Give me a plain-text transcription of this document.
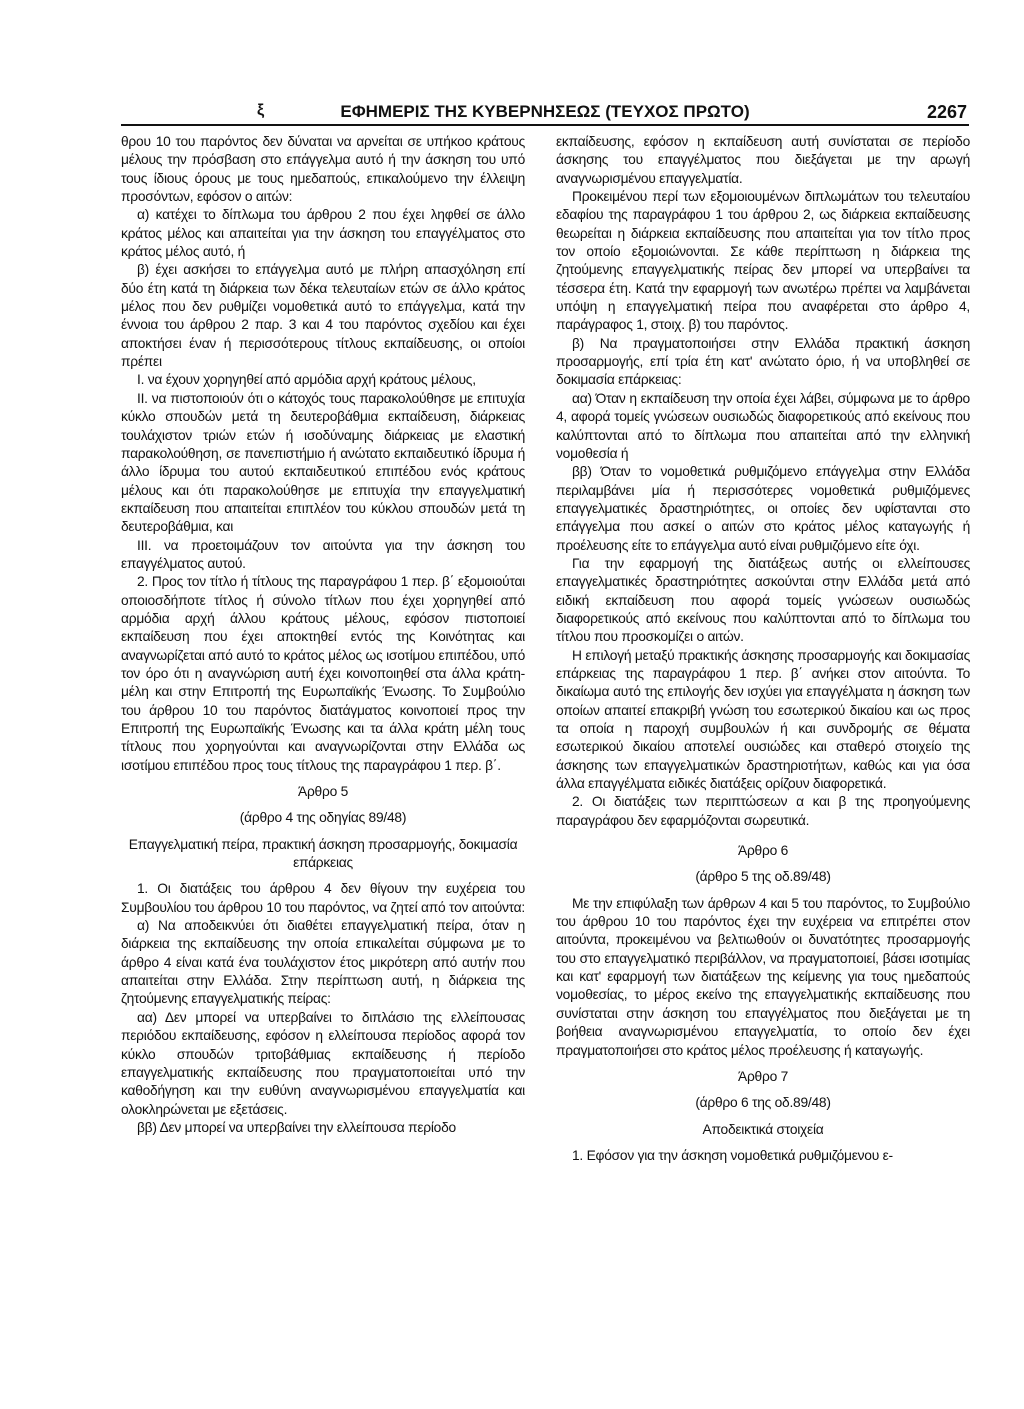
ξ	ΕΦΗΜΕΡΙΣ ΤΗΣ ΚΥΒΕΡΝΗΣΕΩΣ (ΤΕΥΧΟΣ ΠΡΩΤΟ)	2267

θρου 10 του παρόντος δεν δύναται να αρνείται σε υπήκοο κράτους μέλους την πρόσβαση στο επάγγελμα αυτό ή την άσκηση του υπό τους ίδιους όρους με τους ημεδαπούς, επικαλούμενο την έλλειψη προσόντων, εφόσον ο αιτών:

α) κατέχει το δίπλωμα του άρθρου 2 που έχει ληφθεί σε άλλο κράτος μέλος και απαιτείται για την άσκηση του επαγγέλματος στο κράτος μέλος αυτό, ή

β) έχει ασκήσει το επάγγελμα αυτό με πλήρη απασχόληση επί δύο έτη κατά τη διάρκεια των δέκα τελευταίων ετών σε άλλο κράτος μέλος που δεν ρυθμίζει νομοθετικά αυτό το επάγγελμα, κατά την έννοια του άρθρου 2 παρ. 3 και 4 του παρόντος σχεδίου και έχει αποκτήσει έναν ή περισσότερους τίτλους εκπαίδευσης, οι οποίοι πρέπει

Ι. να έχουν χορηγηθεί από αρμόδια αρχή κράτους μέλους,

ΙΙ. να πιστοποιούν ότι ο κάτοχός τους παρακολούθησε με επιτυχία κύκλο σπουδών μετά τη δευτεροβάθμια εκπαίδευση, διάρκειας τουλάχιστον τριών ετών ή ισοδύναμης διάρκειας με ελαστική παρακολούθηση, σε πανεπιστήμιο ή ανώτατο εκπαιδευτικό ίδρυμα ή άλλο ίδρυμα του αυτού εκπαιδευτικού επιπέδου ενός κράτους μέλους και ότι παρακολούθησε με επιτυχία την επαγγελματική εκπαίδευση που απαιτείται επιπλέον του κύκλου σπουδών μετά τη δευτεροβάθμια, και

ΙΙΙ. να προετοιμάζουν τον αιτούντα για την άσκηση του επαγγέλματος αυτού.

2. Προς τον τίτλο ή τίτλους της παραγράφου 1 περ. β΄ εξομοιούται οποιοσδήποτε τίτλος ή σύνολο τίτλων που έχει χορηγηθεί από αρμόδια αρχή άλλου κράτους μέλους, εφόσον πιστοποιεί εκπαίδευση που έχει αποκτηθεί εντός της Κοινότητας και αναγνωρίζεται από αυτό το κράτος μέλος ως ισοτίμου επιπέδου, υπό τον όρο ότι η αναγνώριση αυτή έχει κοινοποιηθεί στα άλλα κράτη-μέλη και στην Επιτροπή της Ευρωπαϊκής Ένωσης. Το Συμβούλιο του άρθρου 10 του παρόντος διατάγματος κοινοποιεί προς την Επιτροπή της Ευρωπαϊκής Ένωσης και τα άλλα κράτη μέλη τους τίτλους που χορηγούνται και αναγνωρίζονται στην Ελλάδα ως ισοτίμου επιπέδου προς τους τίτλους της παραγράφου 1 περ. β΄.

Άρθρο 5

(άρθρο 4 της οδηγίας 89/48)

Επαγγελματική πείρα, πρακτική άσκηση προσαρμογής, δοκιμασία επάρκειας

1. Οι διατάξεις του άρθρου 4 δεν θίγουν την ευχέρεια του Συμβουλίου του άρθρου 10 του παρόντος, να ζητεί από τον αιτούντα:

α) Να αποδεικνύει ότι διαθέτει επαγγελματική πείρα, όταν η διάρκεια της εκπαίδευσης την οποία επικαλείται σύμφωνα με το άρθρο 4 είναι κατά ένα τουλάχιστον έτος μικρότερη από αυτήν που απαιτείται στην Ελλάδα. Στην περίπτωση αυτή, η διάρκεια της ζητούμενης επαγγελματικής πείρας:

αα) Δεν μπορεί να υπερβαίνει το διπλάσιο της ελλείπουσας περιόδου εκπαίδευσης, εφόσον η ελλείπουσα περίοδος αφορά τον κύκλο σπουδών τριτοβάθμιας εκπαίδευσης ή περίοδο επαγγελματικής εκπαίδευσης που πραγματοποιείται υπό την καθοδήγηση και την ευθύνη αναγνωρισμένου επαγγελματία και ολοκληρώνεται με εξετάσεις.

ββ) Δεν μπορεί να υπερβαίνει την ελλείπουσα περίοδο

εκπαίδευσης, εφόσον η εκπαίδευση αυτή συνίσταται σε περίοδο άσκησης του επαγγέλματος που διεξάγεται με την αρωγή αναγνωρισμένου επαγγελματία.

Προκειμένου περί των εξομοιουμένων διπλωμάτων του τελευταίου εδαφίου της παραγράφου 1 του άρθρου 2, ως διάρκεια εκπαίδευσης θεωρείται η διάρκεια εκπαίδευσης που απαιτείται για τον τίτλο προς τον οποίο εξομοιώνονται. Σε κάθε περίπτωση η διάρκεια της ζητούμενης επαγγελματικής πείρας δεν μπορεί να υπερβαίνει τα τέσσερα έτη. Κατά την εφαρμογή των ανωτέρω πρέπει να λαμβάνεται υπόψη η επαγγελματική πείρα που αναφέρεται στο άρθρο 4, παράγραφος 1, στοιχ. β) του παρόντος.

β) Να πραγματοποιήσει στην Ελλάδα πρακτική άσκηση προσαρμογής, επί τρία έτη κατ' ανώτατο όριο, ή να υποβληθεί σε δοκιμασία επάρκειας:

αα) Όταν η εκπαίδευση την οποία έχει λάβει, σύμφωνα με το άρθρο 4, αφορά τομείς γνώσεων ουσιωδώς διαφορετικούς από εκείνους που καλύπτονται από το δίπλωμα που απαιτείται από την ελληνική νομοθεσία ή

ββ) Όταν το νομοθετικά ρυθμιζόμενο επάγγελμα στην Ελλάδα περιλαμβάνει μία ή περισσότερες νομοθετικά ρυθμιζόμενες επαγγελματικές δραστηριότητες, οι οποίες δεν υφίστανται στο επάγγελμα που ασκεί ο αιτών στο κράτος μέλος καταγωγής ή προέλευσης είτε το επάγγελμα αυτό είναι ρυθμιζόμενο είτε όχι.

Για την εφαρμογή της διατάξεως αυτής οι ελλείπουσες επαγγελματικές δραστηριότητες ασκούνται στην Ελλάδα μετά από ειδική εκπαίδευση που αφορά τομείς γνώσεων ουσιωδώς διαφορετικούς από εκείνους που καλύπτονται από το δίπλωμα του τίτλου που προσκομίζει ο αιτών.

Η επιλογή μεταξύ πρακτικής άσκησης προσαρμογής και δοκιμασίας επάρκειας της παραγράφου 1 περ. β΄ ανήκει στον αιτούντα. Το δικαίωμα αυτό της επιλογής δεν ισχύει για επαγγέλματα η άσκηση των οποίων απαιτεί επακριβή γνώση του εσωτερικού δικαίου και ως προς τα οποία η παροχή συμβουλών ή και συνδρομής σε θέματα εσωτερικού δικαίου αποτελεί ουσιώδες και σταθερό στοιχείο της άσκησης των επαγγελματικών δραστηριοτήτων, καθώς και για όσα άλλα επαγγέλματα ειδικές διατάξεις ορίζουν διαφορετικά.

2. Οι διατάξεις των περιπτώσεων α και β της προηγούμενης παραγράφου δεν εφαρμόζονται σωρευτικά.

Άρθρο 6

(άρθρο 5 της οδ.89/48)

Με την επιφύλαξη των άρθρων 4 και 5 του παρόντος, το Συμβούλιο του άρθρου 10 του παρόντος έχει την ευχέρεια να επιτρέπει στον αιτούντα, προκειμένου να βελτιωθούν οι δυνατότητες προσαρμογής του στο επαγγελματικό περιβάλλον, να πραγματοποιεί, βάσει ισοτιμίας και κατ' εφαρμογή των διατάξεων της κείμενης για τους ημεδαπούς νομοθεσίας, το μέρος εκείνο της επαγγελματικής εκπαίδευσης που συνίσταται στην άσκηση του επαγγέλματος που διεξάγεται με τη βοήθεια αναγνωρισμένου επαγγελματία, το οποίο δεν έχει πραγματοποιήσει στο κράτος μέλος προέλευσης ή καταγωγής.

Άρθρο 7

(άρθρο 6 της οδ.89/48)

Αποδεικτικά στοιχεία

1. Εφόσον για την άσκηση νομοθετικά ρυθμιζόμενου ε-
